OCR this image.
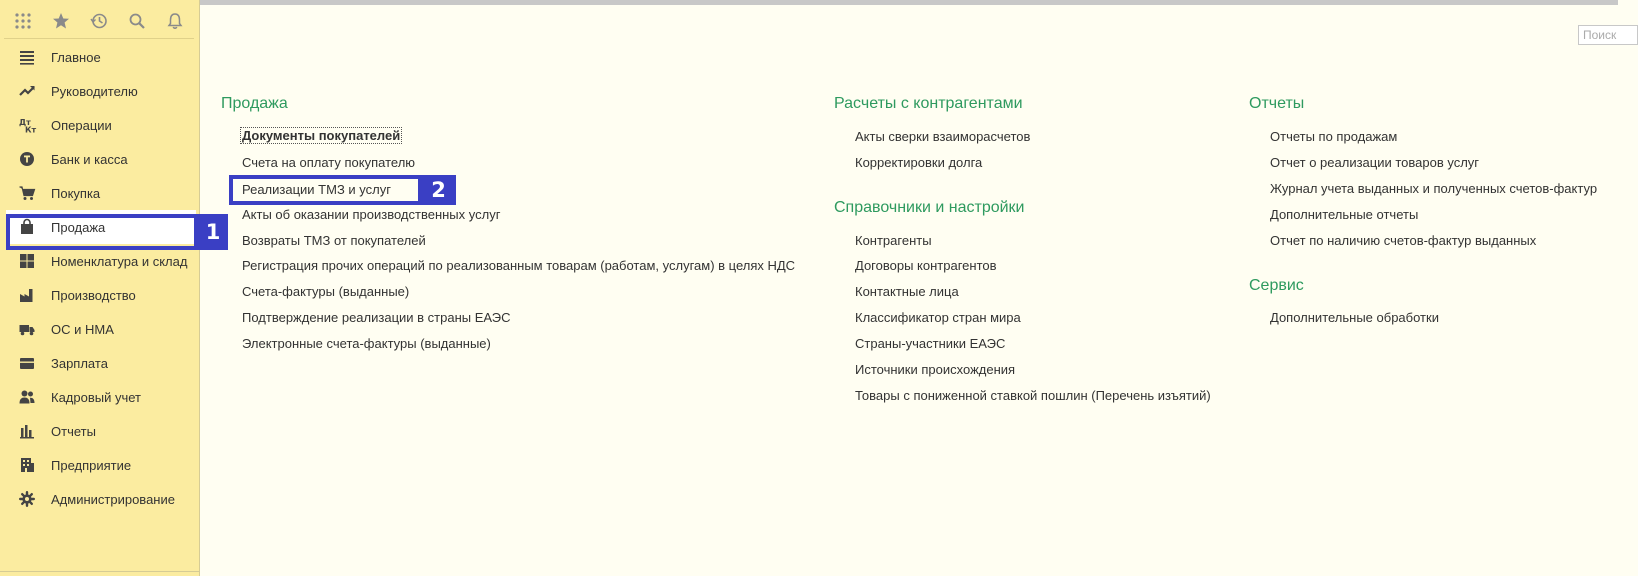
Главное
Руководителю
Дт
Кт Операции
Банк и касса
Покупка
Продажа
Номенклатура и склад
Производство
ОС и НМА
Зарплата
Кадровый учет
Отчеты
Предприятие
Администрирование
1
2
Поиск
Продажа
Документы покупателей
Счета на оплату покупателю
Реализации ТМЗ и услуг
Акты об оказании производственных услуг
Возвраты ТМЗ от покупателей
Регистрация прочих операций по реализованным товарам (работам, услугам) в целях НДС
Счета-фактуры (выданные)
Подтверждение реализации в страны ЕАЭС
Электронные счета-фактуры (выданные)
Расчеты с контрагентами
Акты сверки взаиморасчетов
Корректировки долга
Справочники и настройки
Контрагенты
Договоры контрагентов
Контактные лица
Классификатор стран мира
Страны-участники ЕАЭС
Источники происхождения
Товары с пониженной ставкой пошлин (Перечень изъятий)
Отчеты
Отчеты по продажам
Отчет о реализации товаров услуг
Журнал учета выданных и полученных счетов-фактур
Дополнительные отчеты
Отчет по наличию счетов-фактур выданных
Сервис
Дополнительные обработки
